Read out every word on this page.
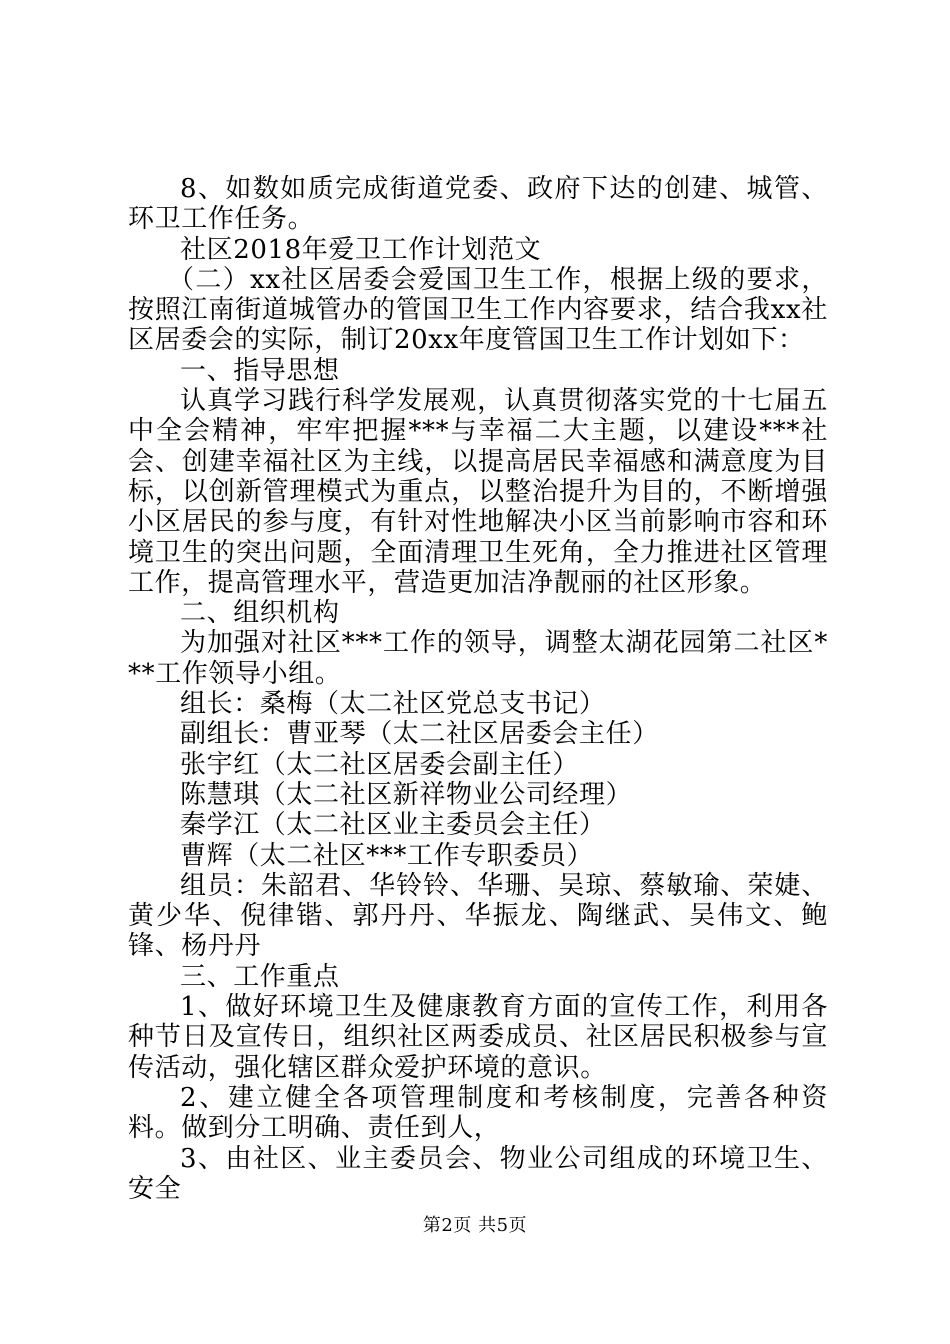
8、如数如质完成街道党委、政府下达的创建、城管、环卫工作任务。

社区2018年爱卫工作计划范文

（二）xx社区居委会爱国卫生工作，根据上级的要求，按照江南街道城管办的管国卫生工作内容要求，结合我xx社区居委会的实际，制订20xx年度管国卫生工作计划如下：

一、指导思想

认真学习践行科学发展观，认真贯彻落实党的十七届五中全会精神，牢牢把握***与幸福二大主题，以建设***社会、创建幸福社区为主线，以提高居民幸福感和满意度为目标，以创新管理模式为重点，以整治提升为目的，不断增强小区居民的参与度，有针对性地解决小区当前影响市容和环境卫生的突出问题，全面清理卫生死角，全力推进社区管理工作，提高管理水平，营造更加洁净靓丽的社区形象。

二、组织机构

为加强对社区***工作的领导，调整太湖花园第二社区***工作领导小组。

组长：桑梅（太二社区党总支书记）

副组长：曹亚琴（太二社区居委会主任）

张宇红（太二社区居委会副主任）

陈慧琪（太二社区新祥物业公司经理）

秦学江（太二社区业主委员会主任）

曹辉（太二社区***工作专职委员）

组员：朱韶君、华铃铃、华珊、吴琼、蔡敏瑜、荣婕、黄少华、倪律锴、郭丹丹、华振龙、陶继武、吴伟文、鲍锋、杨丹丹

三、工作重点

1、做好环境卫生及健康教育方面的宣传工作，利用各种节日及宣传日，组织社区两委成员、社区居民积极参与宣传活动，强化辖区群众爱护环境的意识。

2、建立健全各项管理制度和考核制度，完善各种资料。做到分工明确、责任到人，

3、由社区、业主委员会、物业公司组成的环境卫生、安全

第2页 共5页
